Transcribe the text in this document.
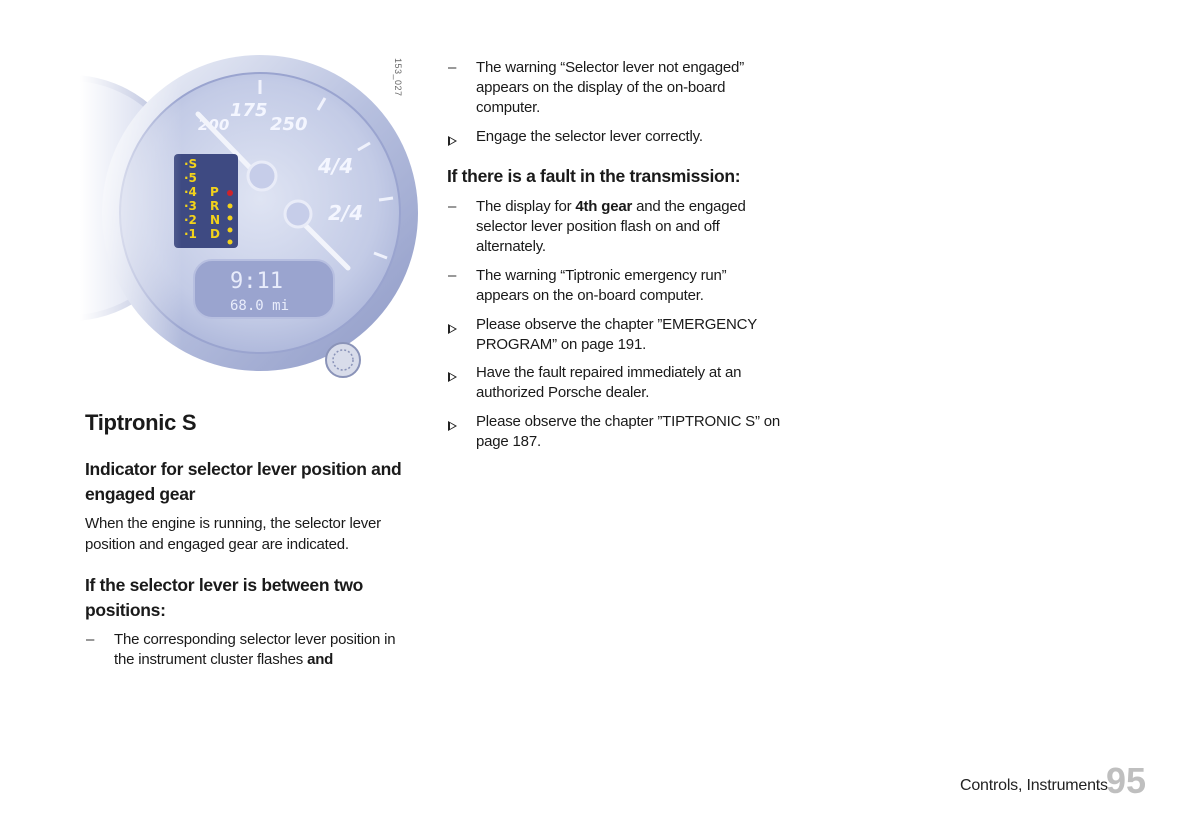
153_027
Tiptronic S
Indicator for selector lever position and engaged gear
When the engine is running, the selector lever position and engaged gear are indicated.
If the selector lever is between two positions:
–	The corresponding selector lever position in the instrument cluster flashes and
–	The warning “Selector lever not engaged” appears on the display of the on-board computer.
Engage the selector lever correctly.
If there is a fault in the transmission:
–	The display for 4th gear and the engaged selector lever position flash on and off alternately.
–	The warning “Tiptronic emergency run” appears on the on-board computer.
Please observe the chapter ”EMERGENCY PROGRAM” on page 191.
Have the fault repaired immediately at an authorized Porsche dealer.
Please observe the chapter ”TIPTRONIC S” on page 187.
Controls, Instruments
95
